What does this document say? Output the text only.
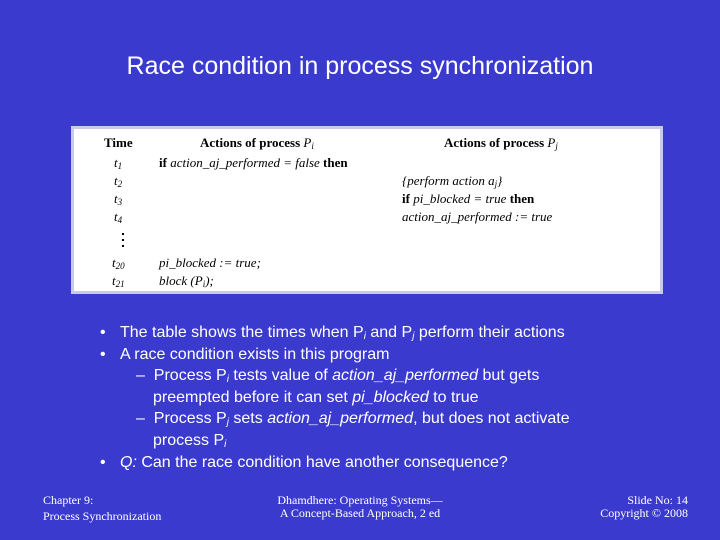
Race condition in process synchronization
Time	Actions of process $P_i$	Actions of process $P_j$
$t_1$
$t_2$
$t_3$
$t_4$
$t_{20}$
$t_{21}$
if action_aj_performed = false then
pi_blocked := true;
block $(P_i)$;
{perform action $a_j$}
if pi_blocked = true then
action_aj_performed := true
• The table shows the times when $P_i$ and $P_j$ perform their actions
• A race condition exists in this program
–  Process $P_i$ tests value of action_aj_performed but gets
preempted before it can set pi_blocked to true
–  Process $P_j$ sets action_aj_performed, but does not activate
process $P_i$
• Q: Can the race condition have another consequence?
Chapter 9:
Process Synchronization
Dhamdhere: Operating Systems—
A Concept-Based Approach, 2 ed
Slide No: 14
Copyright © 2008
